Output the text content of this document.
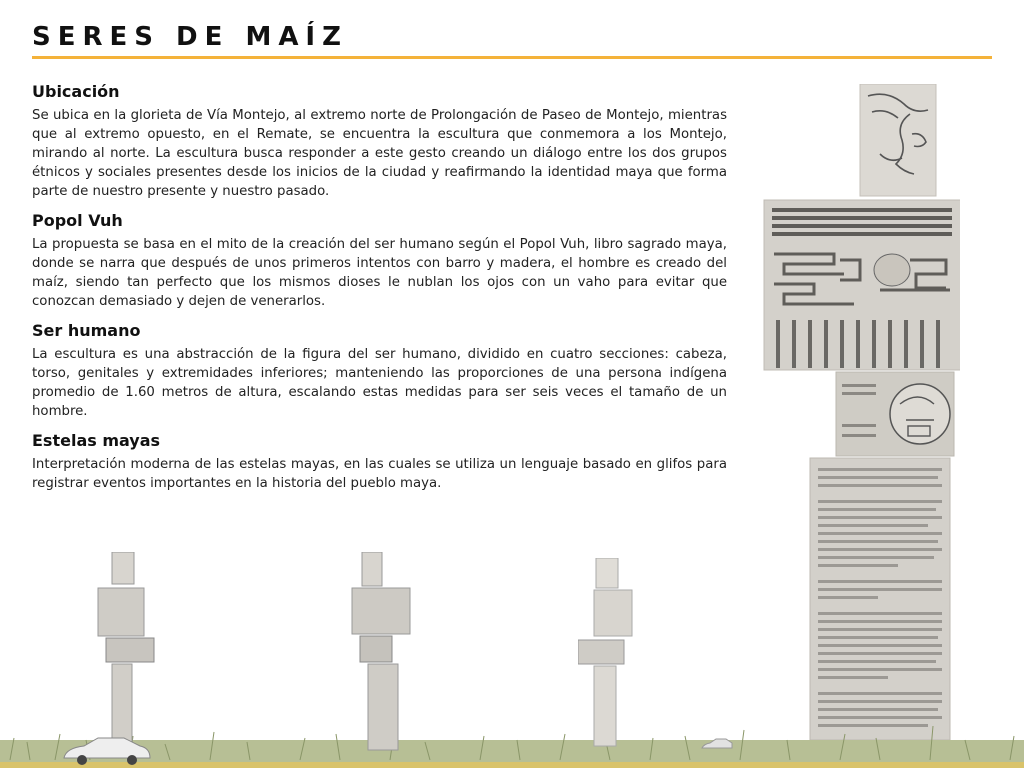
SERES DE MAÍZ
Ubicación

Se ubica en la glorieta de Vía Montejo, al extremo norte de Prolongación de Paseo de Montejo, mientras que al extremo opuesto, en el Remate, se encuentra la escultura que conmemora a los Montejo, mirando al norte. La escultura busca responder a este gesto creando un diálogo entre los dos grupos étnicos y sociales presentes desde los inicios de la ciudad y reafirmando la identidad maya que forma parte de nuestro presente y nuestro pasado.

Popol Vuh

La propuesta se basa en el mito de la creación del ser humano según el Popol Vuh, libro sagrado maya, donde se narra que después de unos primeros intentos con barro y madera, el hombre es creado del maíz, siendo tan perfecto que los mismos dioses le nublan los ojos con un vaho para evitar que conozcan demasiado y dejen de venerarlos.

Ser humano

La escultura es una abstracción de la figura del ser humano, dividido en cuatro secciones: cabeza, torso, genitales y extremidades inferiores; manteniendo las proporciones de una persona indígena promedio de 1.60 metros de altura, escalando estas medidas para ser seis veces el tamaño de un hombre.

Estelas mayas

Interpretación moderna de las estelas mayas, en las cuales se utiliza un lenguaje basado en glifos para registrar eventos importantes en la historia del pueblo maya.
